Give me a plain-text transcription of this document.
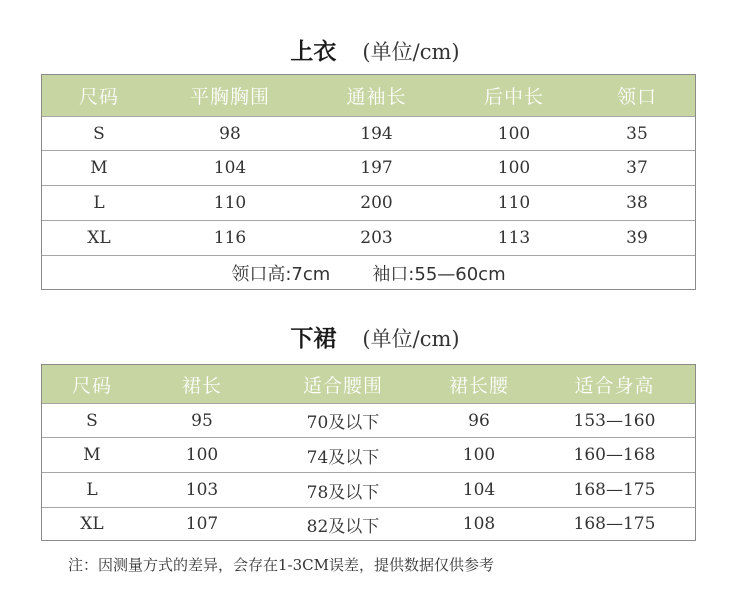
上衣 (单位/cm)
尺码	平胸胸围	通袖长	后中长	领口
S	98	194	100	35
M	104	197	100	37
L	110	200	110	38
XL	116	203	113	39
领口高:7cm 袖口:55—60cm
下裙 (单位/cm)
尺码	裙长	适合腰围	裙长腰	适合身高
S	95	70及以下	96	153—160
M	100	74及以下	100	160—168
L	103	78及以下	104	168—175
XL	107	82及以下	108	168—175
注：因测量方式的差异，会存在1-3CM误差，提供数据仅供参考
